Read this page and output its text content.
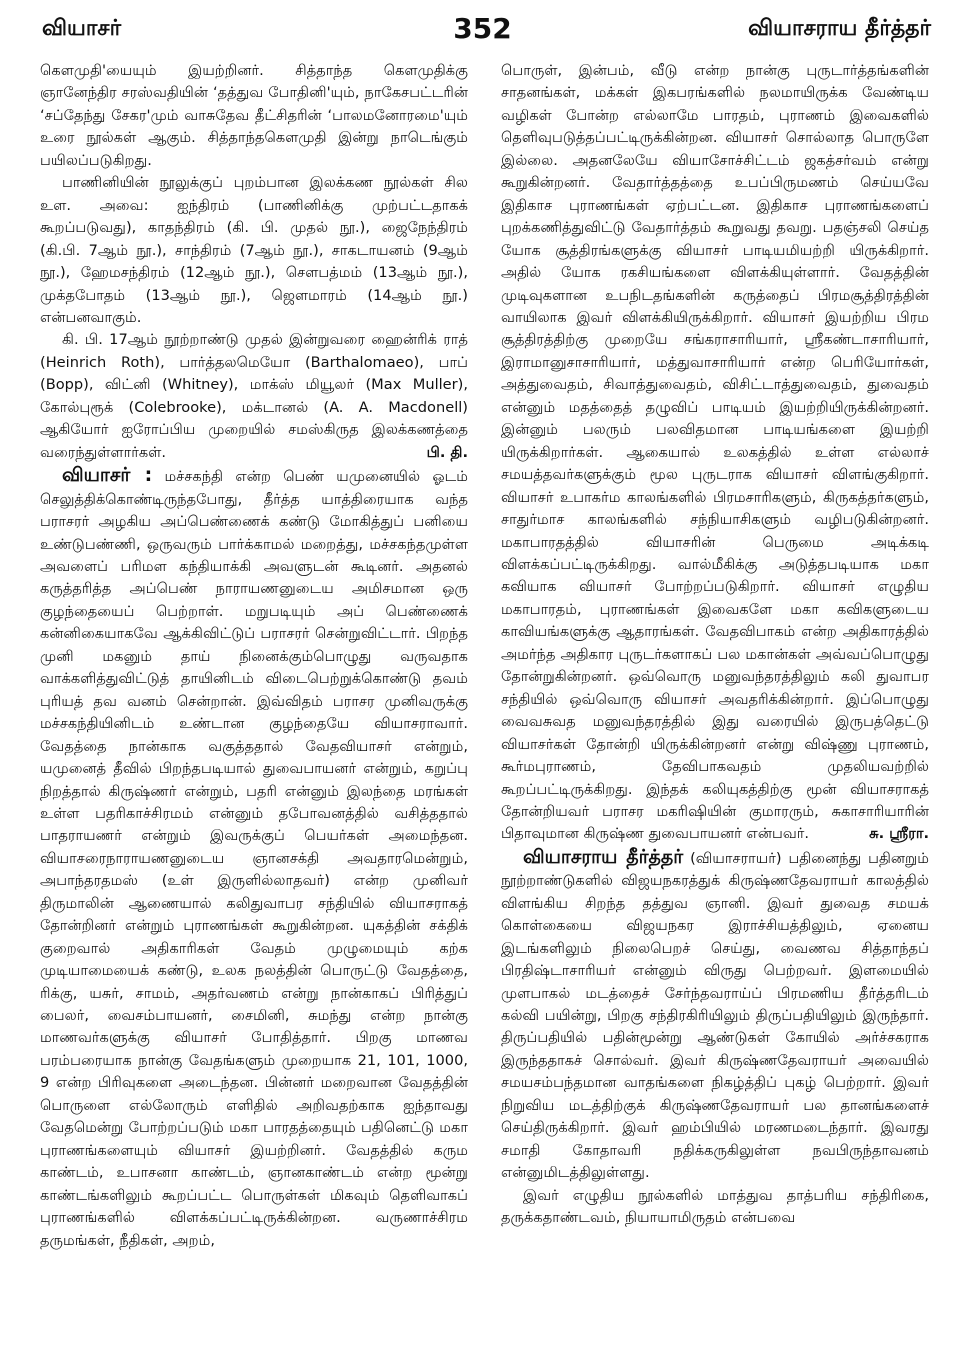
வியாசர்	352	வியாசராய தீர்த்தர்

கௌமுதி'யையும் இயற்றினர். சித்தாந்த கௌமுதிக்கு ஞானேந்திர சரஸ்வதியின் ‘தத்துவ போதினி'யும், நாகேசபட்டரின் ‘சப்தேந்து சேகர'மும் வாசுதேவ தீட்சிதரின் ‘பாலமனோரமை'யும் உரை நூல்கள் ஆகும். சித்தாந்தகௌமுதி இன்று நாடெங்கும் பயிலப்படுகிறது.

பாணினியின் நூலுக்குப் புறம்பான இலக்கண நூல்கள் சில உள. அவை: ஐந்திரம் (பாணினிக்கு முற்பட்டதாகக் கூறப்படுவது), காதந்திரம் (கி. பி. முதல் நூ.), ஜைநேந்திரம் (கி.பி. 7ஆம் நூ.), சாந்திரம் (7ஆம் நூ.), சாகடாயனம் (9ஆம் நூ.), ஹேமசந்திரம் (12ஆம் நூ.), சௌபத்மம் (13ஆம் நூ.), முக்தபோதம் (13ஆம் நூ.), ஜௌமாரம் (14ஆம் நூ.) என்பனவாகும்.

கி. பி. 17ஆம் நூற்றாண்டு முதல் இன்றுவரை ஹைன்ரிக் ராத் (Heinrich Roth), பார்த்தலமெயோ (Barthalomaeo), பாப் (Bopp), விட்னி (Whitney), மாக்ஸ் மியூலர் (Max Muller), கோல்புரூக் (Colebrooke), மக்டானல் (A. A. Macdonell) ஆகியோர் ஐரோப்பிய முறையில் சமஸ்கிருத இலக்கணத்தை வரைந்துள்ளார்கள்.	பி. தி.

வியாசர் : மச்சகந்தி என்ற பெண் யமுனையில் ஓடம் செலுத்திக்கொண்டிருந்தபோது, தீர்த்த யாத்திரையாக வந்த பராசரர் அழகிய அப்பெண்ணைக் கண்டு மோகித்துப் பனியை உண்டுபண்ணி, ஒருவரும் பார்க்காமல் மறைத்து, மச்சகந்தமுள்ள அவளைப் பரிமள கந்தியாக்கி அவளுடன் கூடினர். அதனல் கருத்தரித்த அப்பெண் நாராயணனுடைய அமிசமான ஒரு குழந்தையைப் பெற்றாள். மறுபடியும் அப் பெண்ணைக் கன்னிகையாகவே ஆக்கிவிட்டுப் பராசரர் சென்றுவிட்டார். பிறந்த முனி மகனும் தாய் நினைக்கும்பொழுது வருவதாக வாக்களித்துவிட்டுத் தாயினிடம் விடைபெற்றுக்கொண்டு தவம் புரியத் தவ வனம் சென்றான். இவ்விதம் பராசர முனிவருக்கு மச்சகந்தியினிடம் உண்டான குழந்தையே வியாசராவார். வேதத்தை நான்காக வகுத்ததால் வேதவியாசர் என்றும், யமுனைத் தீவில் பிறந்தபடியால் துவைபாயனர் என்றும், கறுப்பு நிறத்தால் கிருஷ்ணர் என்றும், பதரி என்னும் இலந்தை மரங்கள் உள்ள பதரிகாச்சிரமம் என்னும் தபோவனத்தில் வசித்ததால் பாதராயணர் என்றும் இவருக்குப் பெயர்கள் அமைந்தன. வியாசரைநாராயணனுடைய ஞானசக்தி அவதாரமென்றும், அபாந்தரதமஸ் (உள் இருளில்லாதவர்) என்ற முனிவர் திருமாலின் ஆணையால் கலிதுவாபர சந்தியில் வியாசராகத் தோன்றினர் என்றும் புராணங்கள் கூறுகின்றன. யுகத்தின் சக்திக் குறைவால் அதிகாரிகள் வேதம் முழுமையும் கற்க முடியாமையைக் கண்டு, உலக நலத்தின் பொருட்டு வேதத்தை, ரிக்கு, யசுர், சாமம், அதர்வணம் என்று நான்காகப் பிரித்துப் பைலர், வைசம்பாயனர், சைமினி, சுமந்து என்ற நான்கு மாணவர்களுக்கு வியாசர் போதித்தார். பிறகு மாணவ பரம்பரையாக நான்கு வேதங்களும் முறையாக 21, 101, 1000, 9 என்ற பிரிவுகளை அடைந்தன. பின்னர் மறைவான வேதத்தின் பொருளை எல்லோரும் எளிதில் அறிவதற்காக ஐந்தாவது வேதமென்று போற்றப்படும் மகா பாரதத்தையும் பதினெட்டு மகா புராணங்களையும் வியாசர் இயற்றினர். வேதத்தில் கரும காண்டம், உபாசனா காண்டம், ஞானகாண்டம் என்ற மூன்று காண்டங்களிலும் கூறப்பட்ட பொருள்கள் மிகவும் தெளிவாகப் புராணங்களில் விளக்கப்பட்டிருக்கின்றன. வருணாச்சிரம தருமங்கள், நீதிகள், அறம்,

பொருள், இன்பம், வீடு என்ற நான்கு புருடார்த்தங்களின் சாதனங்கள், மக்கள் இகபரங்களில் நலமாயிருக்க வேண்டிய வழிகள் போன்ற எல்லாமே பாரதம், புராணம் இவைகளில் தெளிவுபடுத்தப்பட்டிருக்கின்றன. வியாசர் சொல்லாத பொருளே இல்லை. அதனலேயே வியாசோச்சிட்டம் ஜகத்சர்வம் என்று கூறுகின்றனர். வேதார்த்தத்தை உபப்பிருமணம் செய்யவே இதிகாச புராணங்கள் ஏற்பட்டன. இதிகாச புராணங்களைப் புறக்கணித்துவிட்டு வேதார்த்தம் கூறுவது தவறு. பதஞ்சலி செய்த யோக சூத்திரங்களுக்கு வியாசர் பாடியமியற்றி யிருக்கிறார். அதில் யோக ரகசியங்களை விளக்கியுள்ளார். வேதத்தின் முடிவுகளான உபநிடதங்களின் கருத்தைப் பிரமசூத்திரத்தின் வாயிலாக இவர் விளக்கியிருக்கிறார். வியாசர் இயற்றிய பிரம சூத்திரத்திற்கு முறையே சங்கராசாரியார், ஸ்ரீகண்டாசாரியார், இராமானுசாசாரியார், மத்துவாசாரியார் என்ற பெரியோர்கள், அத்துவைதம், சிவாத்துவைதம், விசிட்டாத்துவைதம், துவைதம் என்னும் மதத்தைத் தழுவிப் பாடியம் இயற்றியிருக்கின்றனர். இன்னும் பலரும் பலவிதமான பாடியங்களை இயற்றி யிருக்கிறார்கள். ஆகையால் உலகத்தில் உள்ள எல்லாச் சமயத்தவர்களுக்கும் மூல புருடராக வியாசர் விளங்குகிறார். வியாசர் உபாகர்ம காலங்களில் பிரமசாரிகளும், கிருகத்தர்களும், சாதுர்மாச காலங்களில் சந்நியாசிகளும் வழிபடுகின்றனர். மகாபாரதத்தில் வியாசரின் பெருமை அடிக்கடி விளக்கப்பட்டிருக்கிறது. வால்மீகிக்கு அடுத்தபடியாக மகா கவியாக வியாசர் போற்றப்படுகிறார். வியாசர் எழுதிய மகாபாரதம், புராணங்கள் இவைகளே மகா கவிகளுடைய காவியங்களுக்கு ஆதாரங்கள். வேதவிபாகம் என்ற அதிகாரத்தில் அமர்ந்த அதிகார புருடர்களாகப் பல மகான்கள் அவ்வப்பொழுது தோன்றுகின்றனர். ஒவ்வொரு மனுவந்தரத்திலும் கலி துவாபர சந்தியில் ஒவ்வொரு வியாசர் அவதரிக்கின்றார். இப்பொழுது வைவசுவத மனுவந்தரத்தில் இது வரையில் இருபத்தெட்டு வியாசர்கள் தோன்றி யிருக்கின்றனர் என்று விஷ்ணு புராணம், கூர்மபுராணம், தேவிபாகவதம் முதலியவற்றில் கூறப்பட்டிருக்கிறது. இந்தக் கலியுகத்திற்கு மூன் வியாசராகத் தோன்றியவர் பராசர மகரிஷியின் குமாரரும், சுகாசாரியாரின் பிதாவுமான கிருஷ்ண துவைபாயனர் என்பவர்.	சு. ஸ்ரீரா.

வியாசராய தீர்த்தர் (வியாசராயர்) பதினைந்து பதினறும் நூற்றாண்டுகளில் விஜயநகரத்துக் கிருஷ்ணதேவராயர் காலத்தில் விளங்கிய சிறந்த தத்துவ ஞானி. இவர் துவைத சமயக் கொள்கையை விஜயநகர இராச்சியத்திலும், ஏனைய இடங்களிலும் நிலைபெறச் செய்து, வைணவ சித்தாந்தப் பிரதிஷ்டாசாரியர் என்னும் விருது பெற்றவர். இளமையில் முளபாகல் மடத்தைச் சேர்ந்தவராய்ப் பிரமணிய தீர்த்தரிடம் கல்வி பயின்று, பிறகு சந்திரகிரியிலும் திருப்பதியிலும் இருந்தார். திருப்பதியில் பதின்மூன்று ஆண்டுகள் கோயில் அர்ச்சகராக இருந்ததாகச் சொல்வர். இவர் கிருஷ்ணதேவராயர் அவையில் சமயசம்பந்தமான வாதங்களை நிகழ்த்திப் புகழ் பெற்றார். இவர் நிறுவிய மடத்திற்குக் கிருஷ்ணதேவராயர் பல தானங்களைச் செய்திருக்கிறார். இவர் ஹம்பியில் மரணமடைந்தார். இவரது சமாதி கோதாவரி நதிக்கருகிலுள்ள நவபிருந்தாவனம் என்னுமிடத்திலுள்ளது.

இவர் எழுதிய நூல்களில் மாத்துவ தாத்பரிய சந்திரிகை, தருக்கதாண்டவம், நியாயாமிருதம் என்பவை
